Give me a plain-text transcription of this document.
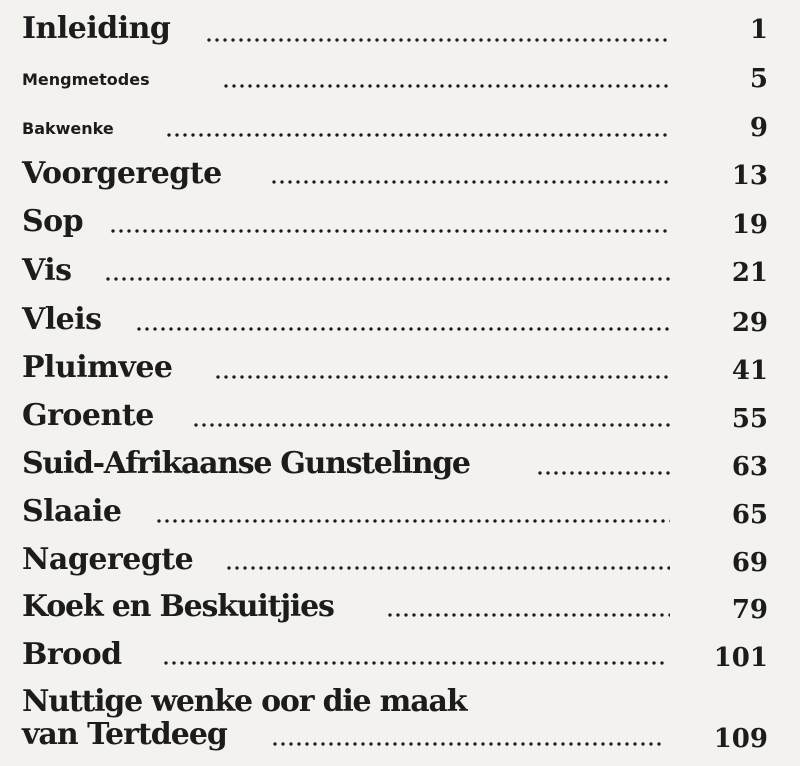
Inleiding	1
Mengmetodes	5
Bakwenke	9
Voorgeregte	13
Sop	19
Vis	21
Vleis	29
Pluimvee	41
Groente	55
Suid-Afrikaanse Gunstelinge	63
Slaaie	65
Nageregte	69
Koek en Beskuitjies	79
Brood	101
Nuttige wenke oor die maak
van Tertdeeg	109
